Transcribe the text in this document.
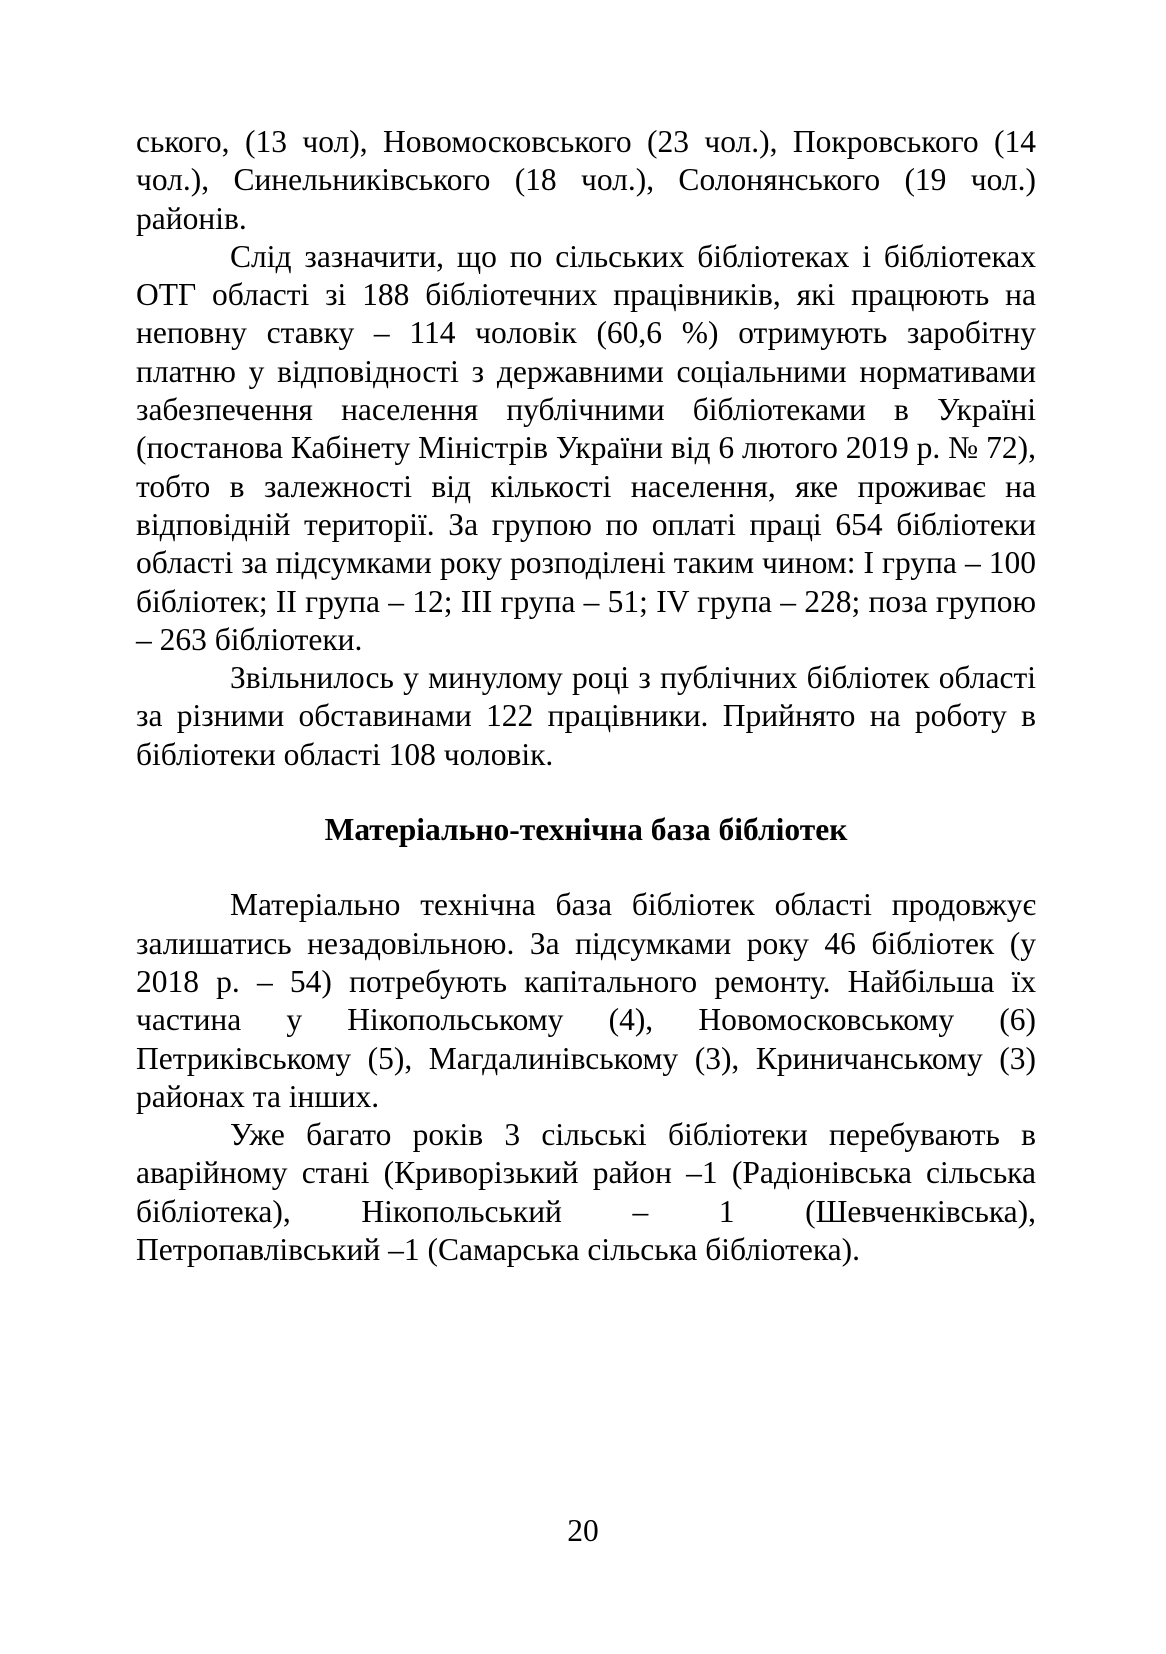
ського, (13 чол), Новомосковського (23 чол.), Покровського (14 чол.), Синельниківського (18 чол.), Солонянського (19 чол.) районів.

Слід зазначити, що по сільських бібліотеках і бібліотеках ОТГ області зі 188 бібліотечних працівників, які працюють на неповну ставку – 114 чоловік (60,6 %) отримують заробітну платню у відповідності з державними соціальними нормативами забезпечення населення публічними бібліотеками в Україні (постанова Кабінету Міністрів України від 6 лютого 2019 р. № 72), тобто в залежності від кількості населення, яке проживає на відповідній території. За групою по оплаті праці 654 бібліотеки області за підсумками року розподілені таким чином: І група – 100 бібліотек; ІІ група – 12; ІІІ група – 51; ІV група – 228; поза групою – 263 бібліотеки.

Звільнилось у минулому році з публічних бібліотек області за різними обставинами 122 працівники. Прийнято на роботу в бібліотеки області 108 чоловік.

Матеріально-технічна база бібліотек

Матеріально технічна база бібліотек області продовжує залишатись незадовільною. За підсумками року 46 бібліотек (у 2018 р. – 54) потребують капітального ремонту. Найбільша їх частина у Нікопольському (4), Новомосковському (6) Петриківському (5), Магдалинівському (3), Криничанському (3) районах та інших.

Уже багато років 3 сільські бібліотеки перебувають в аварійному стані (Криворізький район –1 (Радіонівська сільська бібліотека), Нікопольський – 1 (Шевченківська), Петропавлівський –1 (Самарська сільська бібліотека).

20
